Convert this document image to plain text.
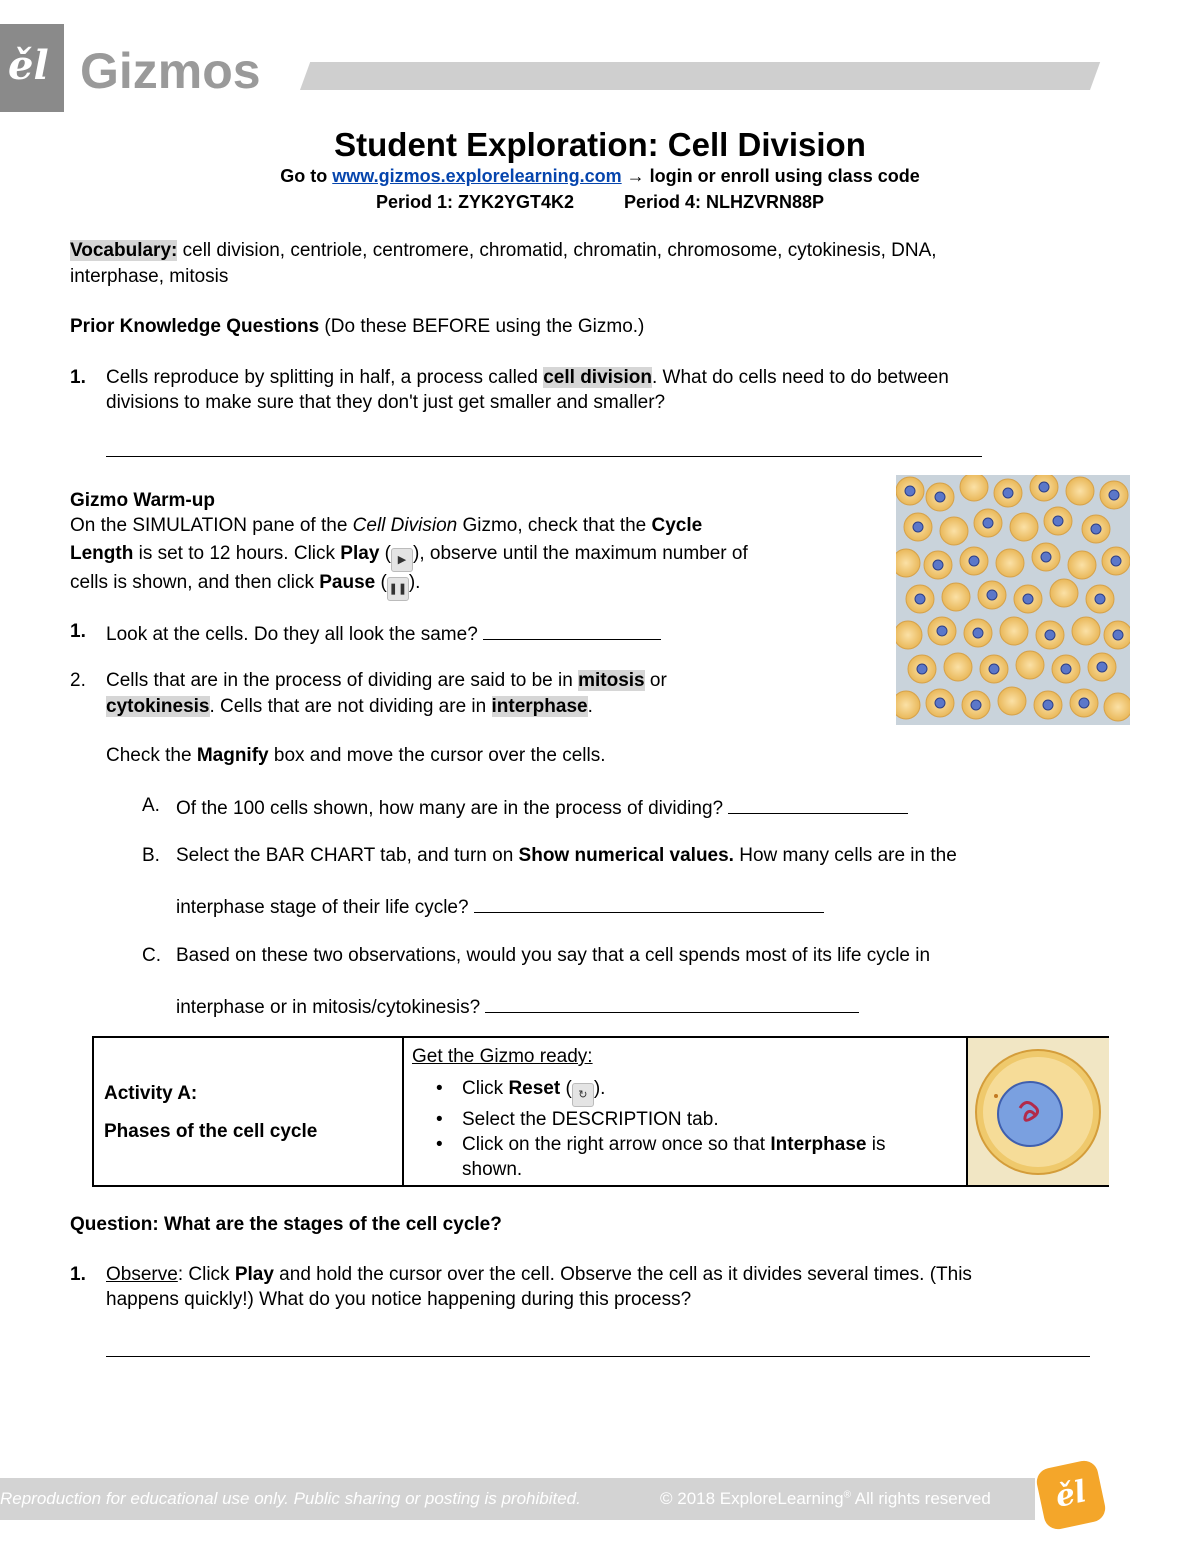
ěl Gizmos
Student Exploration: Cell Division
Go to www.gizmos.explorelearning.com → login or enroll using class code
Period 1: ZYK2YGT4K2	Period 4: NLHZVRN88P
Vocabulary: cell division, centriole, centromere, chromatid, chromatin, chromosome, cytokinesis, DNA,
interphase, mitosis
Prior Knowledge Questions (Do these BEFORE using the Gizmo.)
1. Cells reproduce by splitting in half, a process called cell division. What do cells need to do between
divisions to make sure that they don't just get smaller and smaller?
Gizmo Warm-up
On the SIMULATION pane of the Cell Division Gizmo, check that the Cycle
Length is set to 12 hours. Click Play ( ▶ ), observe until the maximum number of
cells is shown, and then click Pause ( ❚❚).
1. Look at the cells. Do they all look the same?
2. Cells that are in the process of dividing are said to be in mitosis or
cytokinesis. Cells that are not dividing are in interphase.
Check the Magnify box and move the cursor over the cells.
A. Of the 100 cells shown, how many are in the process of dividing?
B. Select the BAR CHART tab, and turn on Show numerical values. How many cells are in the
interphase stage of their life cycle?
C. Based on these two observations, would you say that a cell spends most of its life cycle in
interphase or in mitosis/cytokinesis?
Activity A:
Phases of the cell cycle
Get the Gizmo ready:
• Click Reset ( ↻ ).
• Select the DESCRIPTION tab.
• Click on the right arrow once so that Interphase is
shown.
Question: What are the stages of the cell cycle?
1. Observe: Click Play and hold the cursor over the cell. Observe the cell as it divides several times. (This
happens quickly!) What do you notice happening during this process?
Reproduction for educational use only. Public sharing or posting is prohibited.	© 2018 ExploreLearning® All rights reserved	ěl
